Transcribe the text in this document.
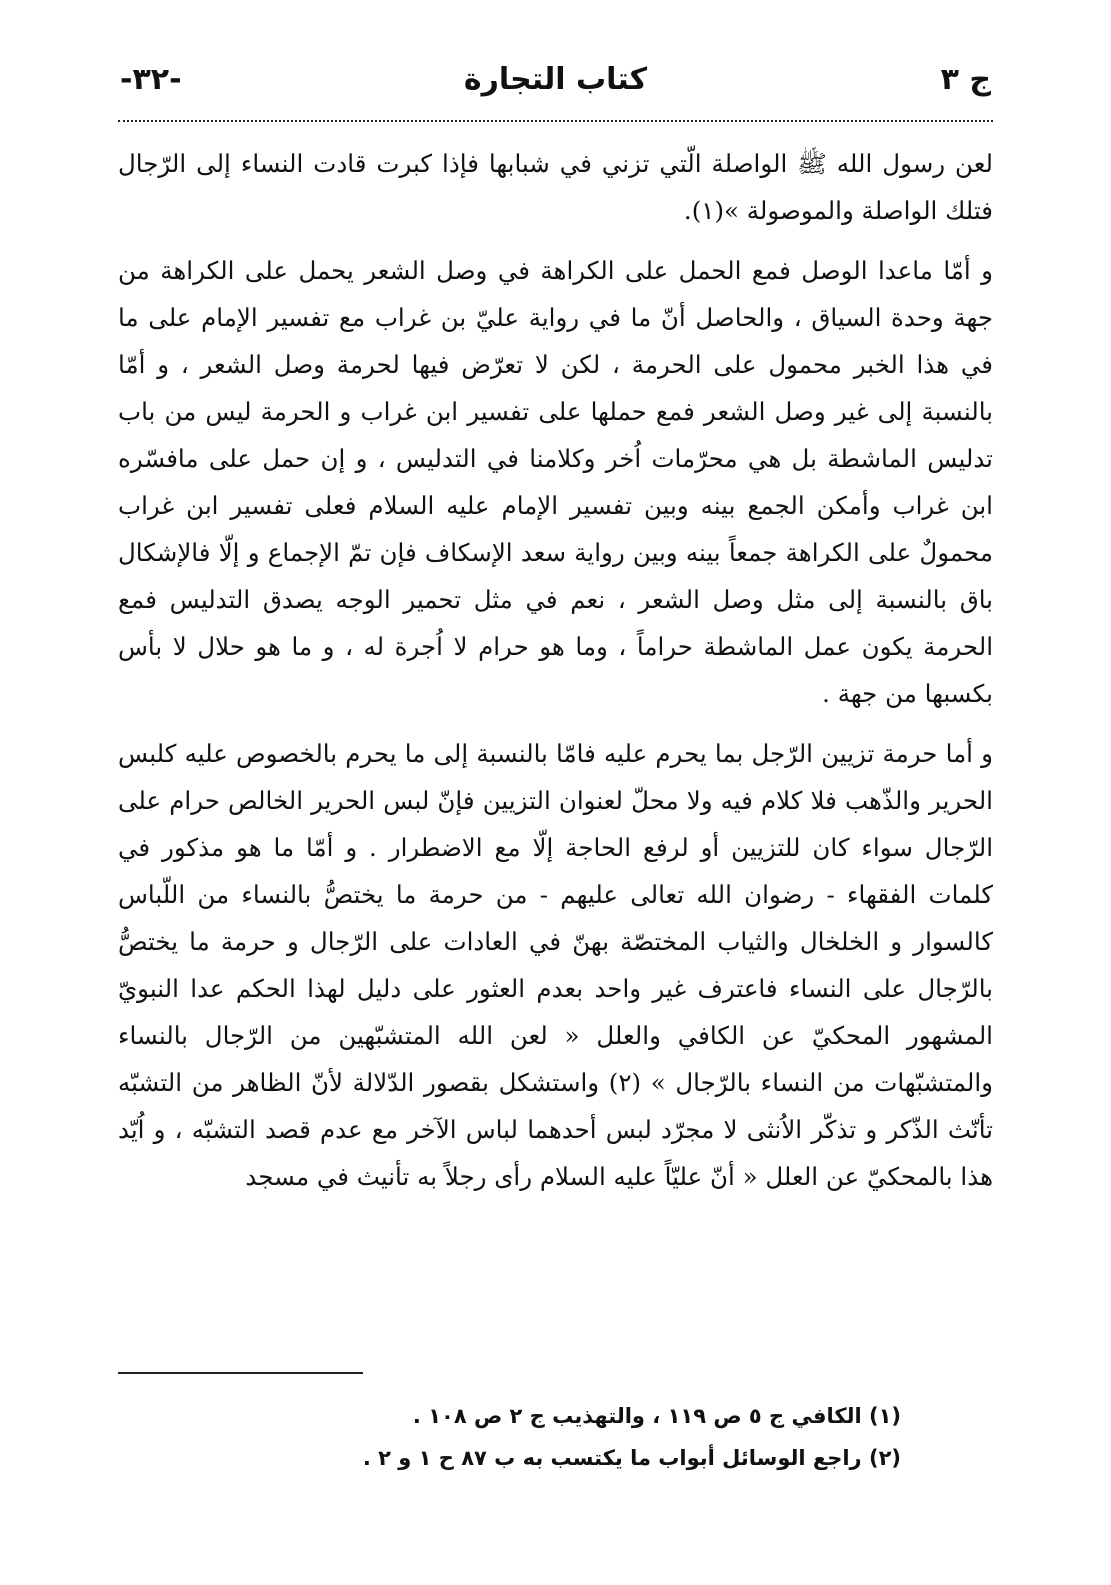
-٣٢-	كتاب التجارة	ج ٣

لعن رسول الله ﷺ الواصلة الّتي تزني في شبابها فإذا كبرت قادت النساء إلى الرّجال فتلك الواصلة والموصولة »(١).

و أمّا ماعدا الوصل فمع الحمل على الكراهة في وصل الشعر يحمل على الكراهة من جهة وحدة السياق ، والحاصل أنّ ما في رواية عليّ بن غراب مع تفسير الإمام على ما في هذا الخبر محمول على الحرمة ، لكن لا تعرّض فيها لحرمة وصل الشعر ، و أمّا بالنسبة إلى غير وصل الشعر فمع حملها على تفسير ابن غراب و الحرمة ليس من باب تدليس الماشطة بل هي محرّمات اُخر وكلامنا في التدليس ، و إن حمل على مافسّره ابن غراب وأمكن الجمع بينه وبين تفسير الإمام عليه السلام فعلى تفسير ابن غراب محمولٌ على الكراهة جمعاً بينه وبين رواية سعد الإسكاف فإن تمّ الإجماع و إلّا فالإشكال باق بالنسبة إلى مثل وصل الشعر ، نعم في مثل تحمير الوجه يصدق التدليس فمع الحرمة يكون عمل الماشطة حراماً ، وما هو حرام لا اُجرة له ، و ما هو حلال لا بأس بكسبها من جهة .

و أما حرمة تزيين الرّجل بما يحرم عليه فامّا بالنسبة إلى ما يحرم بالخصوص عليه كلبس الحرير والذّهب فلا كلام فيه ولا محلّ لعنوان التزيين فإنّ لبس الحرير الخالص حرام على الرّجال سواء كان للتزيين أو لرفع الحاجة إلّا مع الاضطرار . و أمّا ما هو مذكور في كلمات الفقهاء - رضوان الله تعالى عليهم - من حرمة ما يختصُّ بالنساء من اللّباس كالسوار و الخلخال والثياب المختصّة بهنّ في العادات على الرّجال و حرمة ما يختصُّ بالرّجال على النساء فاعترف غير واحد بعدم العثور على دليل لهذا الحكم عدا النبويّ المشهور المحكيّ عن الكافي والعلل « لعن الله المتشبّهين من الرّجال بالنساء والمتشبّهات من النساء بالرّجال » (٢) واستشكل بقصور الدّلالة لأنّ الظاهر من التشبّه تأنّث الذّكر و تذكّر الاُنثى لا مجرّد لبس أحدهما لباس الآخر مع عدم قصد التشبّه ، و اُيّد هذا بالمحكيّ عن العلل « أنّ عليّاً عليه السلام رأى رجلاً به تأنيث في مسجد

(١) الكافي ج ٥ ص ١١٩ ، والتهذيب ج ٢ ص ١٠٨ .

(٢) راجع الوسائل أبواب ما يكتسب به ب ٨٧ ح ١ و ٢ .
